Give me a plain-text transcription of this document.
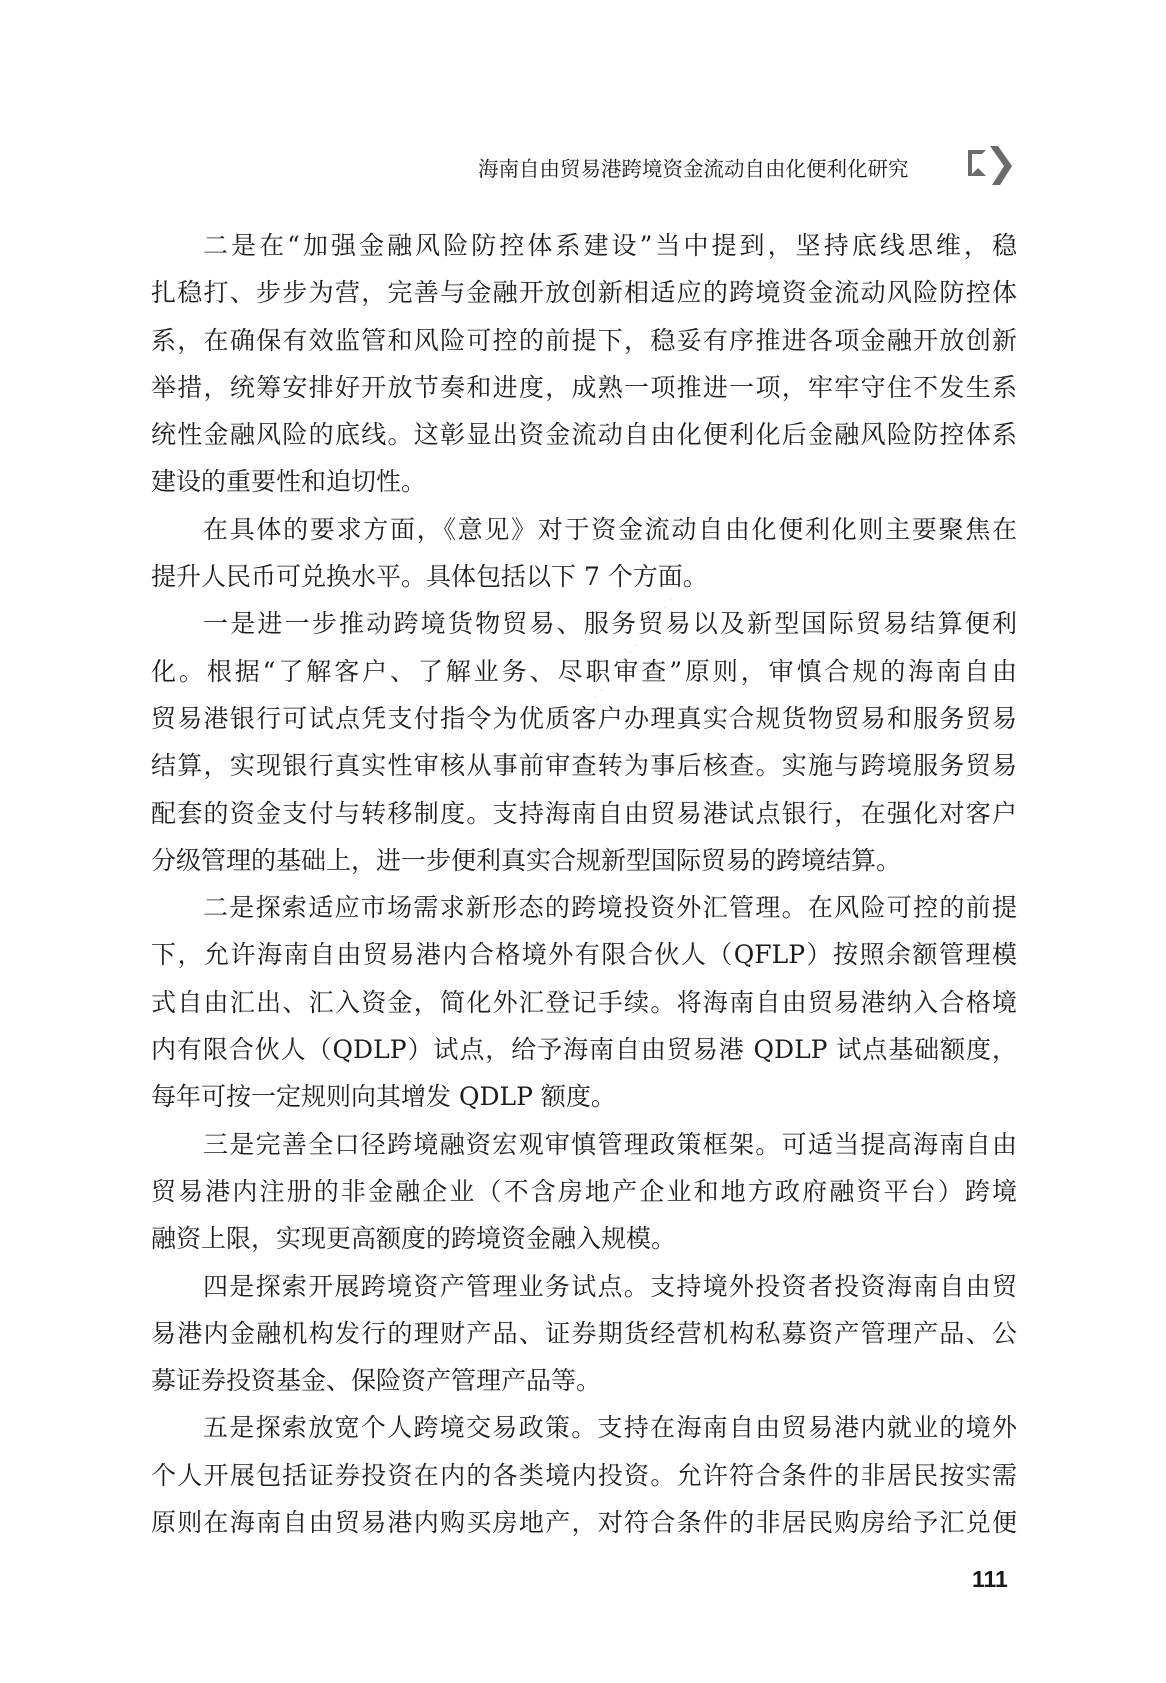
海南自由贸易港跨境资金流动自由化便利化研究
· · · · · · · · · · · · · · · ·
二是在“加强金融风险防控体系建设”当中提到，坚持底线思维，稳
扎稳打、步步为营，完善与金融开放创新相适应的跨境资金流动风险防控体
系，在确保有效监管和风险可控的前提下，稳妥有序推进各项金融开放创新
举措，统筹安排好开放节奏和进度，成熟一项推进一项，牢牢守住不发生系
统性金融风险的底线。这彰显出资金流动自由化便利化后金融风险防控体系
建设的重要性和迫切性。
在具体的要求方面，《意见》对于资金流动自由化便利化则主要聚焦在
提升人民币可兑换水平。具体包括以下 7 个方面。
一是进一步推动跨境货物贸易、服务贸易以及新型国际贸易结算便利
化。根据“了解客户、了解业务、尽职审查”原则，审慎合规的海南自由
贸易港银行可试点凭支付指令为优质客户办理真实合规货物贸易和服务贸易
结算，实现银行真实性审核从事前审查转为事后核查。实施与跨境服务贸易
配套的资金支付与转移制度。支持海南自由贸易港试点银行，在强化对客户
分级管理的基础上，进一步便利真实合规新型国际贸易的跨境结算。
二是探索适应市场需求新形态的跨境投资外汇管理。在风险可控的前提
下，允许海南自由贸易港内合格境外有限合伙人（QFLP）按照余额管理模
式自由汇出、汇入资金，简化外汇登记手续。将海南自由贸易港纳入合格境
内有限合伙人（QDLP）试点，给予海南自由贸易港 QDLP 试点基础额度，
每年可按一定规则向其增发 QDLP 额度。
三是完善全口径跨境融资宏观审慎管理政策框架。可适当提高海南自由
贸易港内注册的非金融企业（不含房地产企业和地方政府融资平台）跨境
融资上限，实现更高额度的跨境资金融入规模。
四是探索开展跨境资产管理业务试点。支持境外投资者投资海南自由贸
易港内金融机构发行的理财产品、证券期货经营机构私募资产管理产品、公
募证券投资基金、保险资产管理产品等。
五是探索放宽个人跨境交易政策。支持在海南自由贸易港内就业的境外
个人开展包括证券投资在内的各类境内投资。允许符合条件的非居民按实需
原则在海南自由贸易港内购买房地产，对符合条件的非居民购房给予汇兑便
111
